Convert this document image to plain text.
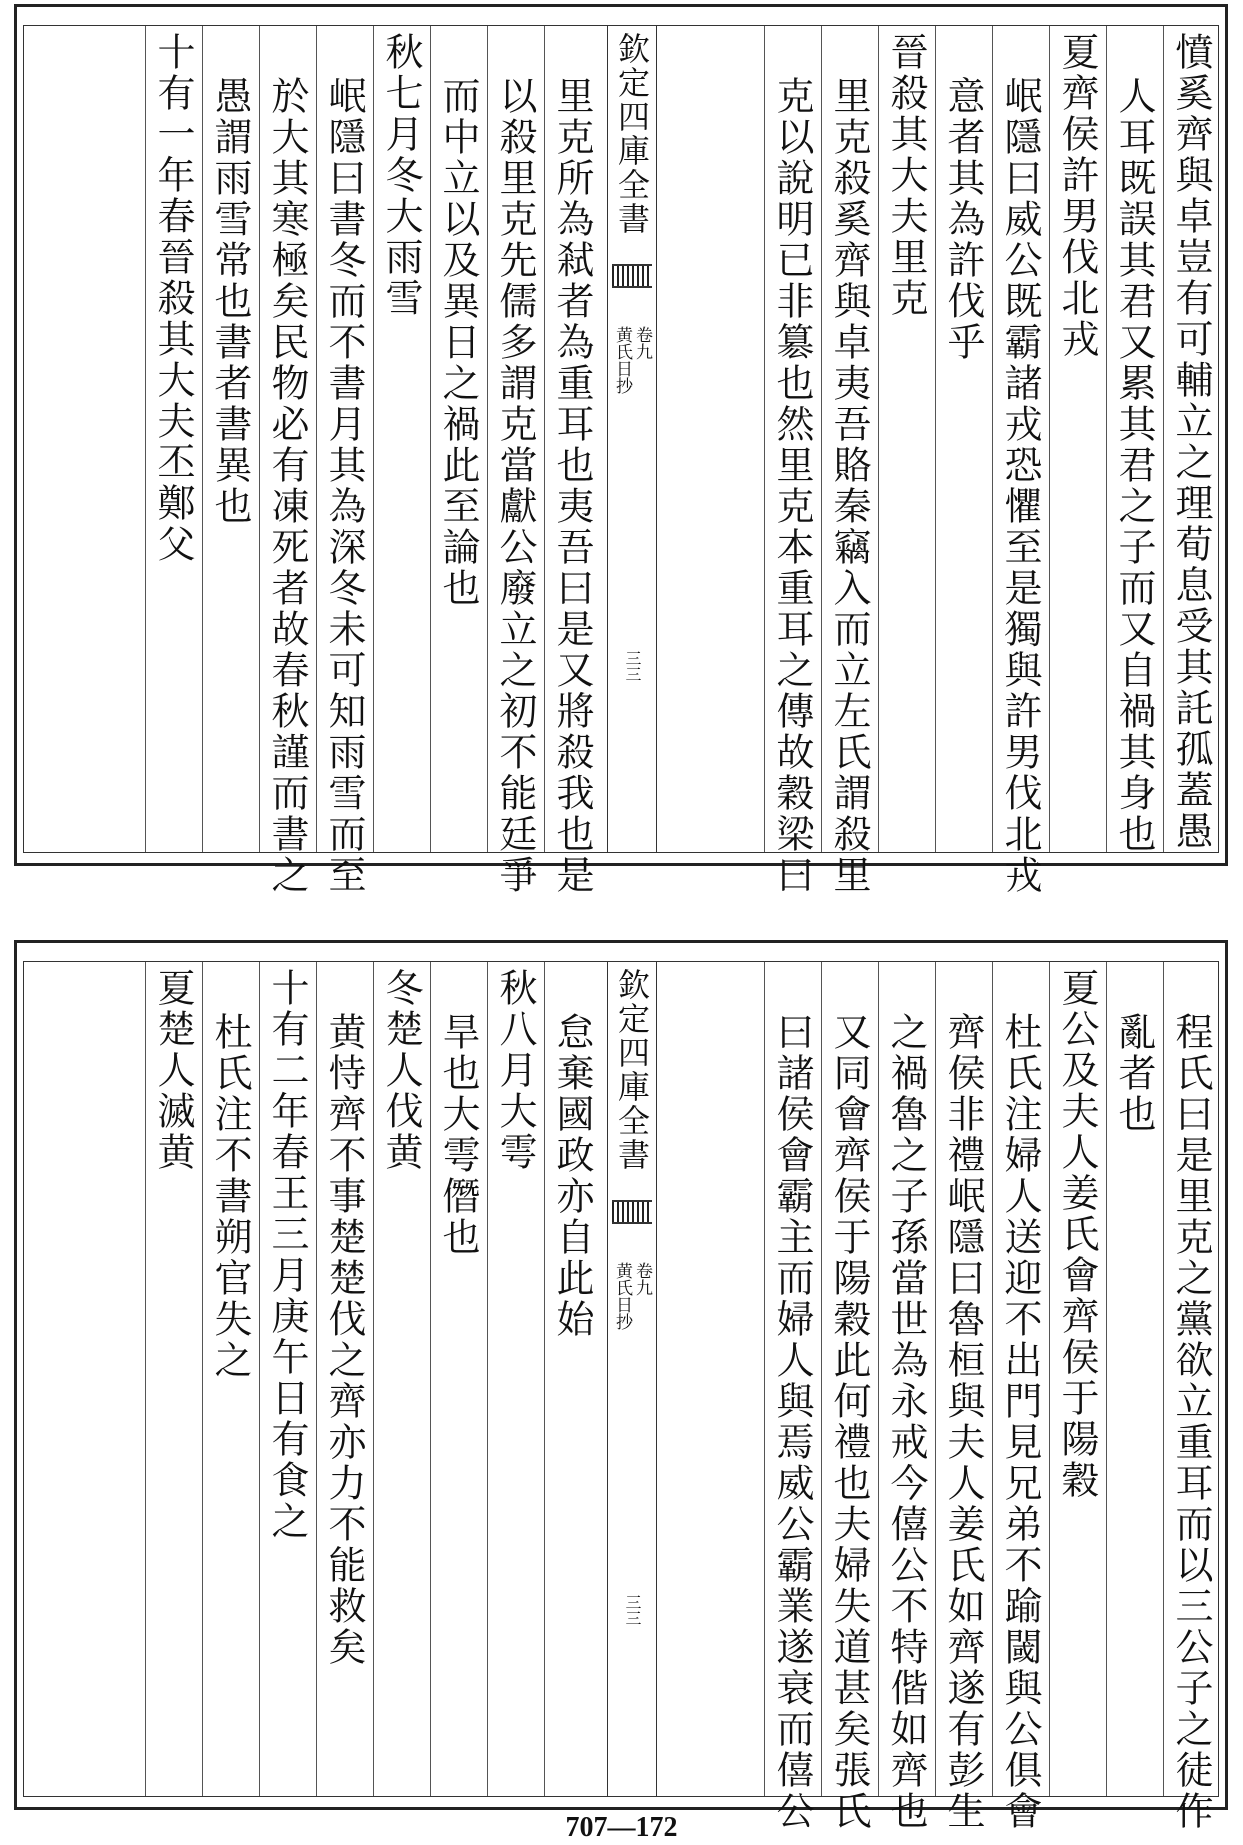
憤奚齊與卓豈有可輔立之理荀息受其託孤蓋愚
人耳既誤其君又累其君之子而又自禍其身也
夏齊侯許男伐北戎
岷隱曰威公既霸諸戎恐懼至是獨與許男伐北戎
意者其為許伐乎
晉殺其大夫里克
里克殺奚齊與卓夷吾賂秦竊入而立左氏謂殺里
克以說明已非簒也然里克本重耳之傳故穀梁曰
欽定四庫全書
黄氏日抄 卷九
三三
里克所為弒者為重耳也夷吾曰是又將殺我也是
以殺里克先儒多謂克當獻公廢立之初不能廷爭
而中立以及異日之禍此至論也
秋七月冬大雨雪
岷隱曰書冬而不書月其為深冬未可知雨雪而至
於大其寒極矣民物必有凍死者故春秋謹而書之
愚謂雨雪常也書者書異也
十有一年春晉殺其大夫丕鄭父
程氏曰是里克之黨欲立重耳而以三公子之徒作
亂者也
夏公及夫人姜氏會齊侯于陽穀
杜氏注婦人送迎不出門見兄弟不踰閾與公俱會
齊侯非禮岷隱曰魯桓與夫人姜氏如齊遂有彭生
之禍魯之子孫當世為永戒今僖公不特偕如齊也
又同會齊侯于陽穀此何禮也夫婦失道甚矣張氏
曰諸侯會霸主而婦人與焉威公霸業遂衰而僖公
欽定四庫全書
黄氏日抄 卷九
三三
怠棄國政亦自此始
秋八月大雩
旱也大雩僭也
冬楚人伐黄
黄恃齊不事楚楚伐之齊亦力不能救矣
十有二年春王三月庚午日有食之
杜氏注不書朔官失之
夏楚人滅黄
707—172
